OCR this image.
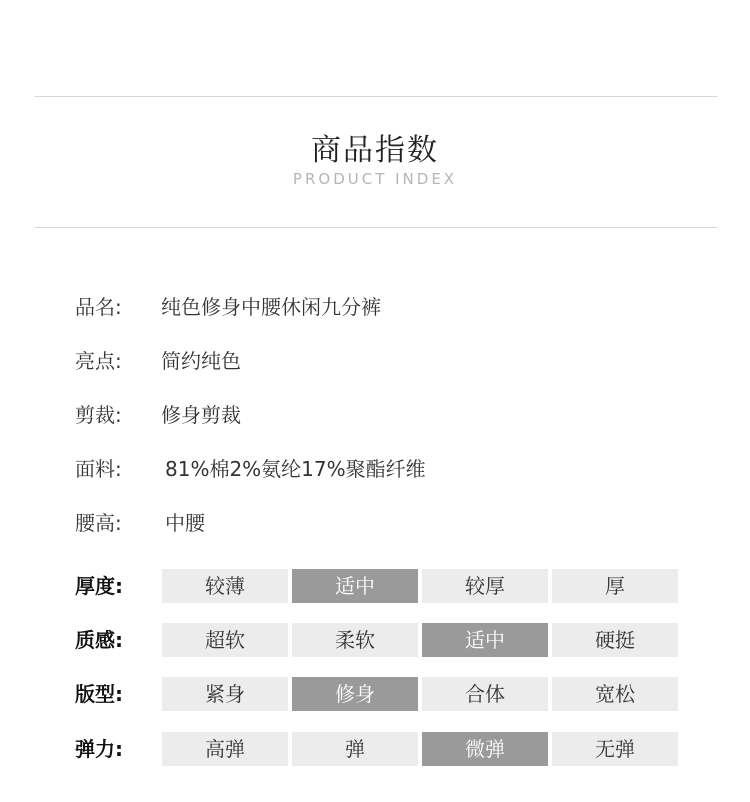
商品指数
PRODUCT INDEX
品名:	纯色修身中腰休闲九分裤
亮点:	简约纯色
剪裁:	修身剪裁
面料:	81%棉2%氨纶17%聚酯纤维
腰高:	中腰
厚度:	较薄	适中	较厚	厚
质感:	超软	柔软	适中	硬挺
版型:	紧身	修身	合体	宽松
弹力:	高弹	弹	微弹	无弹
